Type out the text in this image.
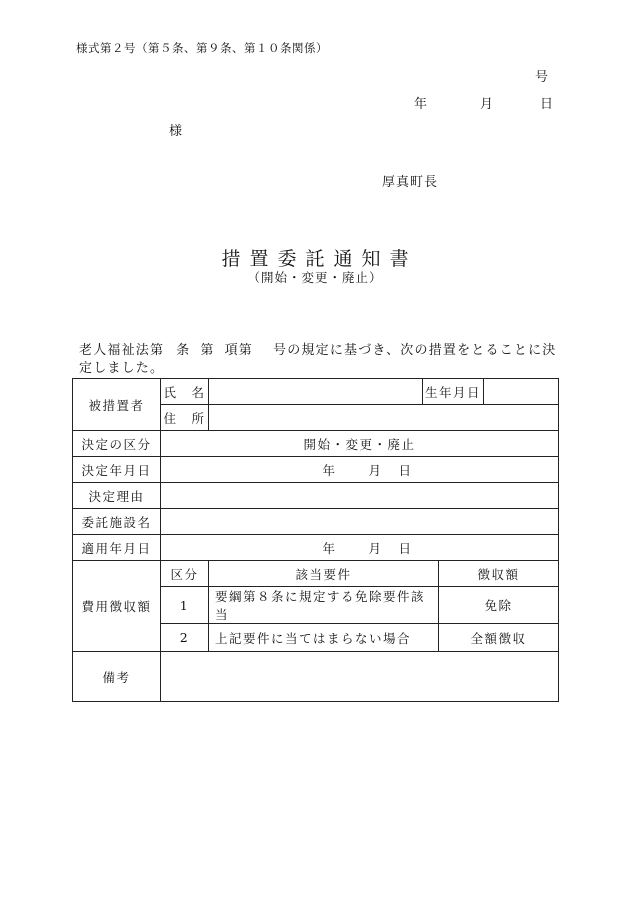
様式第２号（第５条、第９条、第１０条関係）
号
年	月	日
様
厚真町長
措置委託通知書
（開始・変更・廃止）
老人福祉法第 条 第 項第 号の規定に基づき、次の措置をとることに決定しました。
被措置者	氏　名		生年月日		
	住　所				
決定の区分	開始・変更・廃止				
決定年月日	年 月 日				
決定理由					
委託施設名					
適用年月日	年 月 日				
費用徴収額	区分	該当要件		徴収額	
	1	要綱第８条に規定する免除要件該当		免除	
	2	上記要件に当てはまらない場合		全額徴収	
備考					
